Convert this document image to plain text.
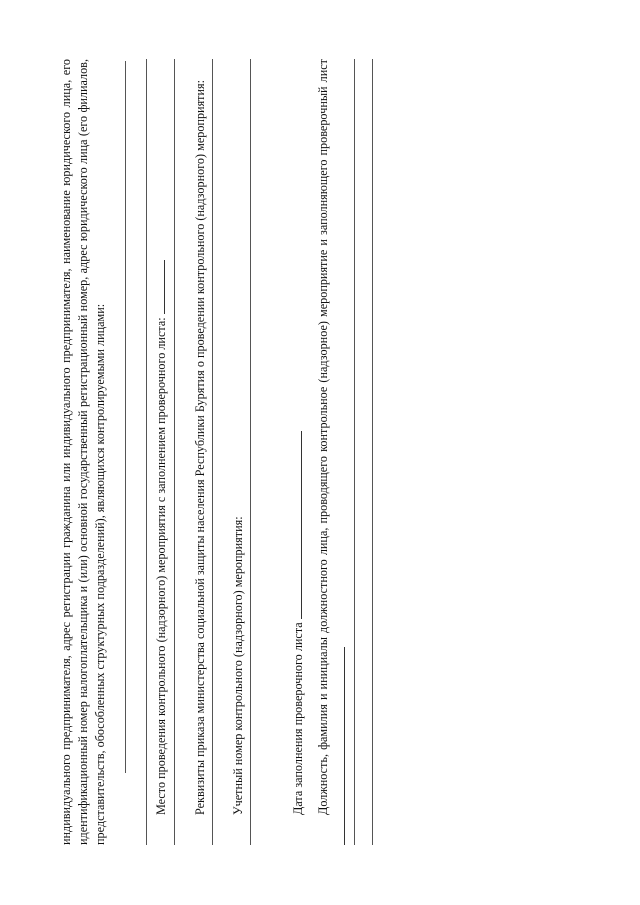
индивидуального предпринимателя, адрес регистрации гражданина или индивидуального предпринимателя, наименование юридического лица, его идентификационный номер налогоплательщика и (или) основной государственный регистрационный номер, адрес юридического лица (его филиалов, представительств, обособленных структурных подразделений), являющихся контролируемыми лицами:	Место проведения контрольного (надзорного) мероприятия с заполнением проверочного листа: Реквизиты приказа министерства социальной защиты населения Республики Бурятия о проведении контрольного (надзорного) мероприятия: Учетный номер контрольного (надзорного) мероприятия:	Дата заполнения проверочного листа Должность, фамилия и инициалы должностного лица, проводящего контрольное (надзорное) мероприятие и заполняющего проверочный лист
